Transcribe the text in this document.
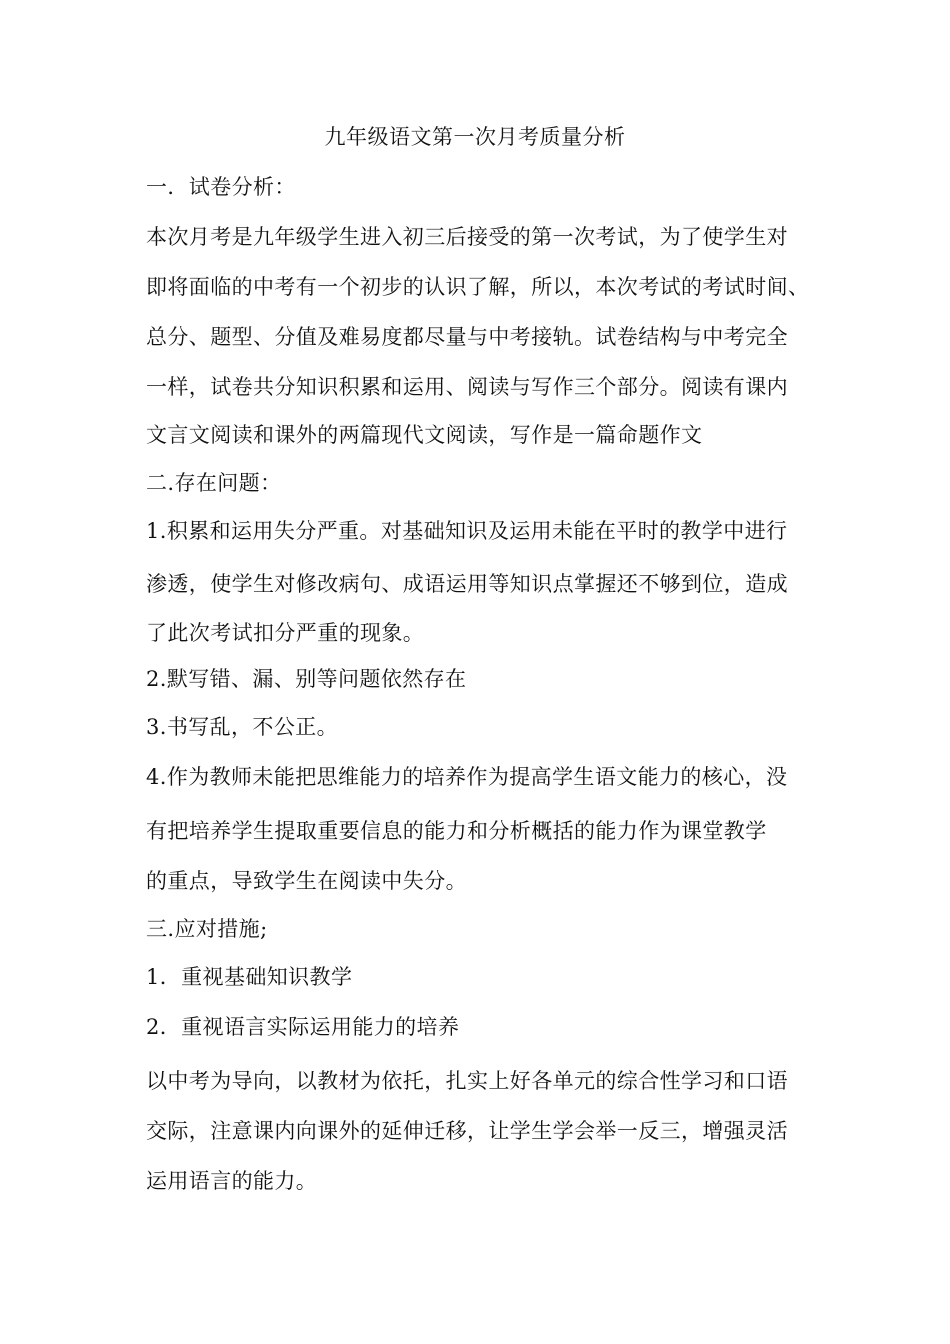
九年级语文第一次月考质量分析
一．试卷分析：
本次月考是九年级学生进入初三后接受的第一次考试，为了使学生对
即将面临的中考有一个初步的认识了解，所以，本次考试的考试时间、
总分、题型、分值及难易度都尽量与中考接轨。试卷结构与中考完全
一样，试卷共分知识积累和运用、阅读与写作三个部分。阅读有课内
文言文阅读和课外的两篇现代文阅读，写作是一篇命题作文
二.存在问题：
1.积累和运用失分严重。对基础知识及运用未能在平时的教学中进行
渗透，使学生对修改病句、成语运用等知识点掌握还不够到位，造成
了此次考试扣分严重的现象。
2.默写错、漏、别等问题依然存在
3.书写乱，不公正。
4.作为教师未能把思维能力的培养作为提高学生语文能力的核心，没
有把培养学生提取重要信息的能力和分析概括的能力作为课堂教学
的重点，导致学生在阅读中失分。
三.应对措施;
1．重视基础知识教学
2．重视语言实际运用能力的培养
以中考为导向，以教材为依托，扎实上好各单元的综合性学习和口语
交际，注意课内向课外的延伸迁移，让学生学会举一反三，增强灵活
运用语言的能力。
